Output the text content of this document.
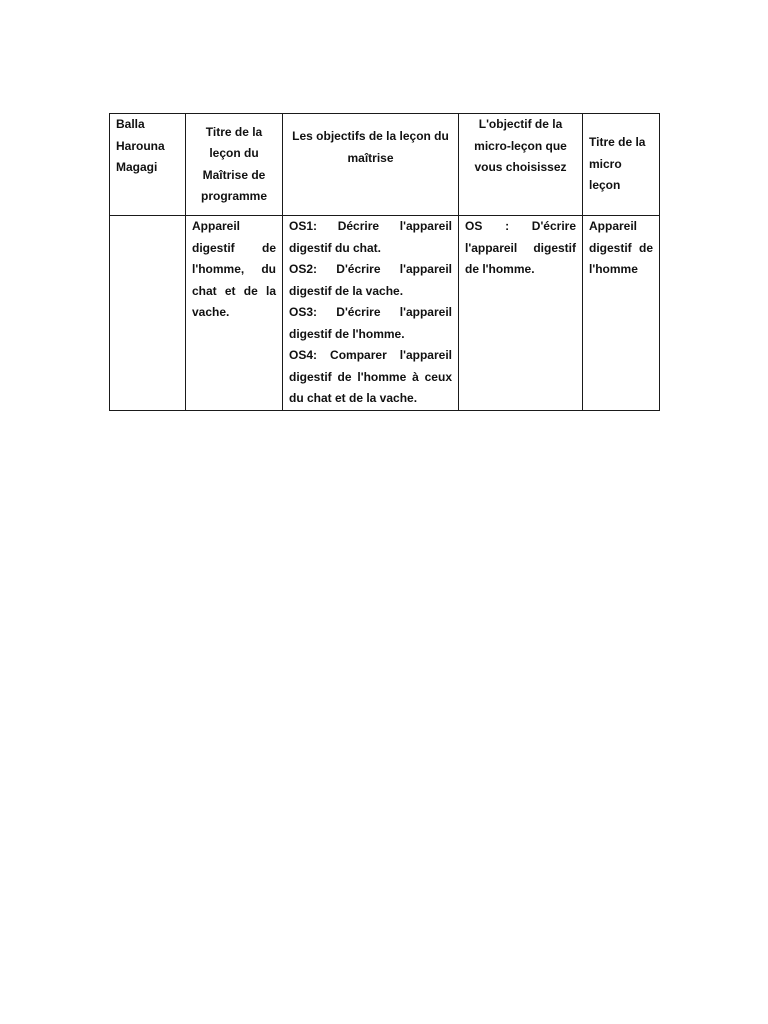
Balla Harouna Magagi	Titre de la leçon du Maîtrise de programme	Les objectifs de la leçon du maîtrise	L'objectif de la micro-leçon que vous choisissez	Titre de la micro leçon

	Appareil digestif de l'homme, du chat et de la vache.	OS1: Décrire l'appareil digestif du chat.
OS2: D'écrire l'appareil digestif de la vache.
OS3: D'écrire l'appareil digestif de l'homme.
OS4: Comparer l'appareil digestif de l'homme à ceux du chat et de la vache.	OS : D'écrire l'appareil digestif de l'homme.	Appareil digestif de l'homme
